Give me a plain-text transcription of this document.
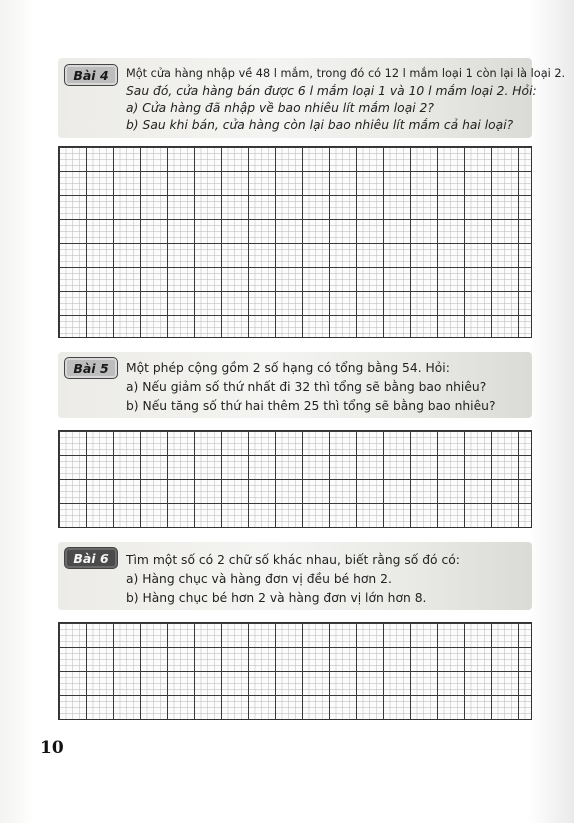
Bài 4	Một cửa hàng nhập về 48 l mắm, trong đó có 12 l mắm loại 1 còn lại là loại 2.
Sau đó, cửa hàng bán được 6 l mắm loại 1 và 10 l mắm loại 2. Hỏi:
a) Cửa hàng đã nhập về bao nhiêu lít mắm loại 2?
b) Sau khi bán, cửa hàng còn lại bao nhiêu lít mắm cả hai loại?
Bài 5	Một phép cộng gồm 2 số hạng có tổng bằng 54. Hỏi:
a) Nếu giảm số thứ nhất đi 32 thì tổng sẽ bằng bao nhiêu?
b) Nếu tăng số thứ hai thêm 25 thì tổng sẽ bằng bao nhiêu?
Bài 6	Tìm một số có 2 chữ số khác nhau, biết rằng số đó có:
a) Hàng chục và hàng đơn vị đều bé hơn 2.
b) Hàng chục bé hơn 2 và hàng đơn vị lớn hơn 8.
10
